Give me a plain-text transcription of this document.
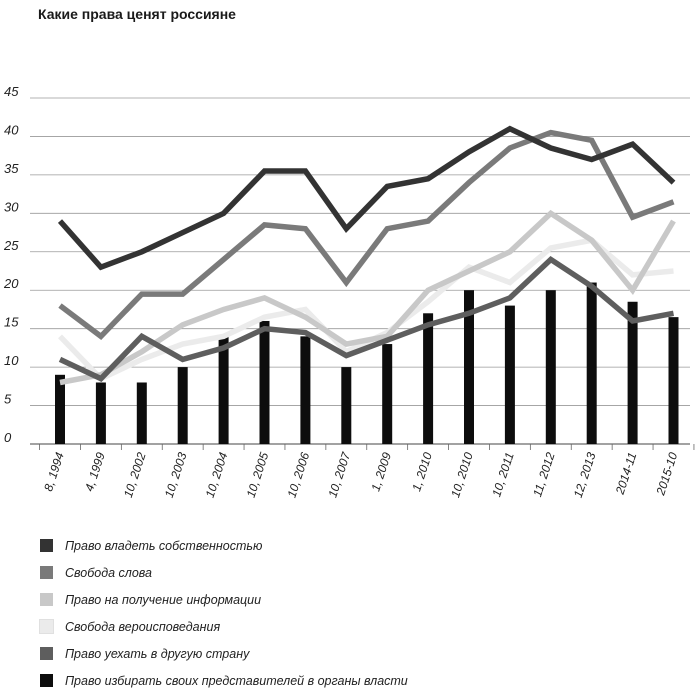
Какие права ценят россияне
0
5
10
15
20
25
30
35
40
45
8, 1994 4, 1999 10, 2002 10, 2003 10, 2004 10, 2005 10, 2006 10, 2007 1, 2009 1, 2010 10, 2010 10, 2011 11, 2012 12, 2013 2014-11 2015-10
Право владеть собственностью
Свобода слова
Право на получение информации
Свобода вероисповедания
Право уехать в другую страну
Право избирать своих представителей в органы власти
